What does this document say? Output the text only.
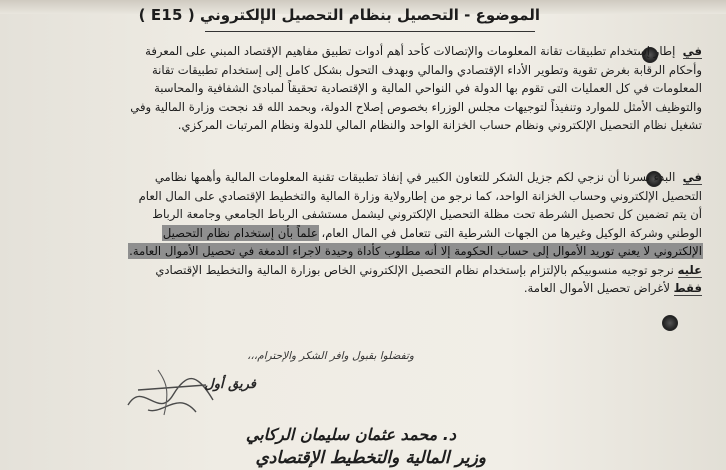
الموضوع - التحصيل بنظام التحصيل الإلكتروني ( E15 )
في  إطار إستخدام تطبيقات تقانة المعلومات والإتصالات كأحد أهم أدوات تطبيق مفاهيم الإقتصاد المبني على المعرفة
وأحكام الرقابة بغرض تقوية وتطوير الأداء الإقتصادي والمالي وبهدف التحول بشكل كامل إلى إستخدام تطبيقات تقانة
المعلومات في كل العمليات التى تقوم بها الدولة في النواحي المالية و الإقتصادية تحقيقاً لمبادئ الشفافية والمحاسبة
والتوظيف الأمثل للموارد وتنفيذاً لتوجيهات مجلس الوزراء بخصوص إصلاح الدولة، وبحمد الله قد نجحت وزارة المالية وفي
تشغيل نظام التحصيل الإلكتروني ونظام حساب الخزانة الواحد والنظام المالي للدولة ونظام المرتبات المركزي.
في  البدء يسرنا أن نزجي لكم جزيل الشكر للتعاون الكبير في إنفاذ تطبيقات تقنية المعلومات المالية وأهمها نظامي
التحصيل الإلكتروني وحساب الخزانة الواحد، كما نرجو من إطارولاية وزارة المالية والتخطيط الإقتصادي على المال العام
أن يتم تضمين كل تحصيل الشرطة تحت مظلة التحصيل الإلكتروني ليشمل مستشفى الرباط الجامعي وجامعة الرباط
الوطني وشركة الوكيل وغيرها من الجهات الشرطية التى تتعامل في المال العام، علماً بأن إستخدام نظام التحصيل
الإلكتروني لا يعني توريد الأموال إلى حساب الحكومة إلا أنه مطلوب كأداة وحيدة لاجراء الدمغة في تحصيل الأموال العامة.
عليه نرجو توجيه منسوبيكم بالإلتزام بإستخدام نظام التحصيل الإلكتروني الخاص بوزارة المالية والتخطيط الإقتصادي
فقط لأغراض تحصيل الأموال العامة.
وتفضلوا بقبول وافر الشكر والإحترام،،،
فريق أول
د. محمد عثمان سليمان الركابي
وزير المالية والتخطيط الإقتصادي
